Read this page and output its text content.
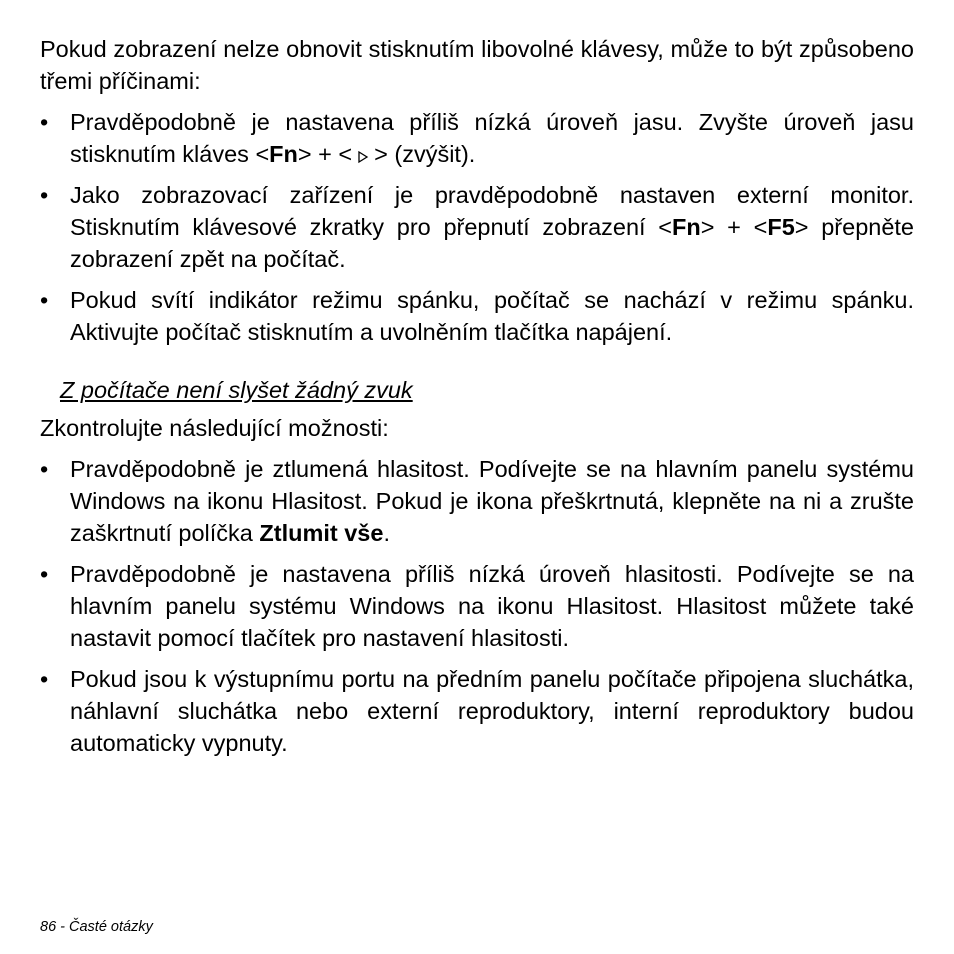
Pokud zobrazení nelze obnovit stisknutím libovolné klávesy, může to být způsobeno třemi příčinami:

• Pravděpodobně je nastavena příliš nízká úroveň jasu. Zvyšte úroveň jasu stisknutím kláves <Fn> + < > (zvýšit).
• Jako zobrazovací zařízení je pravděpodobně nastaven externí monitor. Stisknutím klávesové zkratky pro přepnutí zobrazení <Fn> + <F5> přepněte zobrazení zpět na počítač.
• Pokud svítí indikátor režimu spánku, počítač se nachází v režimu spánku. Aktivujte počítač stisknutím a uvolněním tlačítka napájení.
Z počítače není slyšet žádný zvuk

Zkontrolujte následující možnosti:

• Pravděpodobně je ztlumená hlasitost. Podívejte se na hlavním panelu systému Windows na ikonu Hlasitost. Pokud je ikona přeškrtnutá, klepněte na ni a zrušte zaškrtnutí políčka Ztlumit vše.
• Pravděpodobně je nastavena příliš nízká úroveň hlasitosti. Podívejte se na hlavním panelu systému Windows na ikonu Hlasitost. Hlasitost můžete také nastavit pomocí tlačítek pro nastavení hlasitosti.
• Pokud jsou k výstupnímu portu na předním panelu počítače připojena sluchátka, náhlavní sluchátka nebo externí reproduktory, interní reproduktory budou automaticky vypnuty.
86 - Časté otázky
